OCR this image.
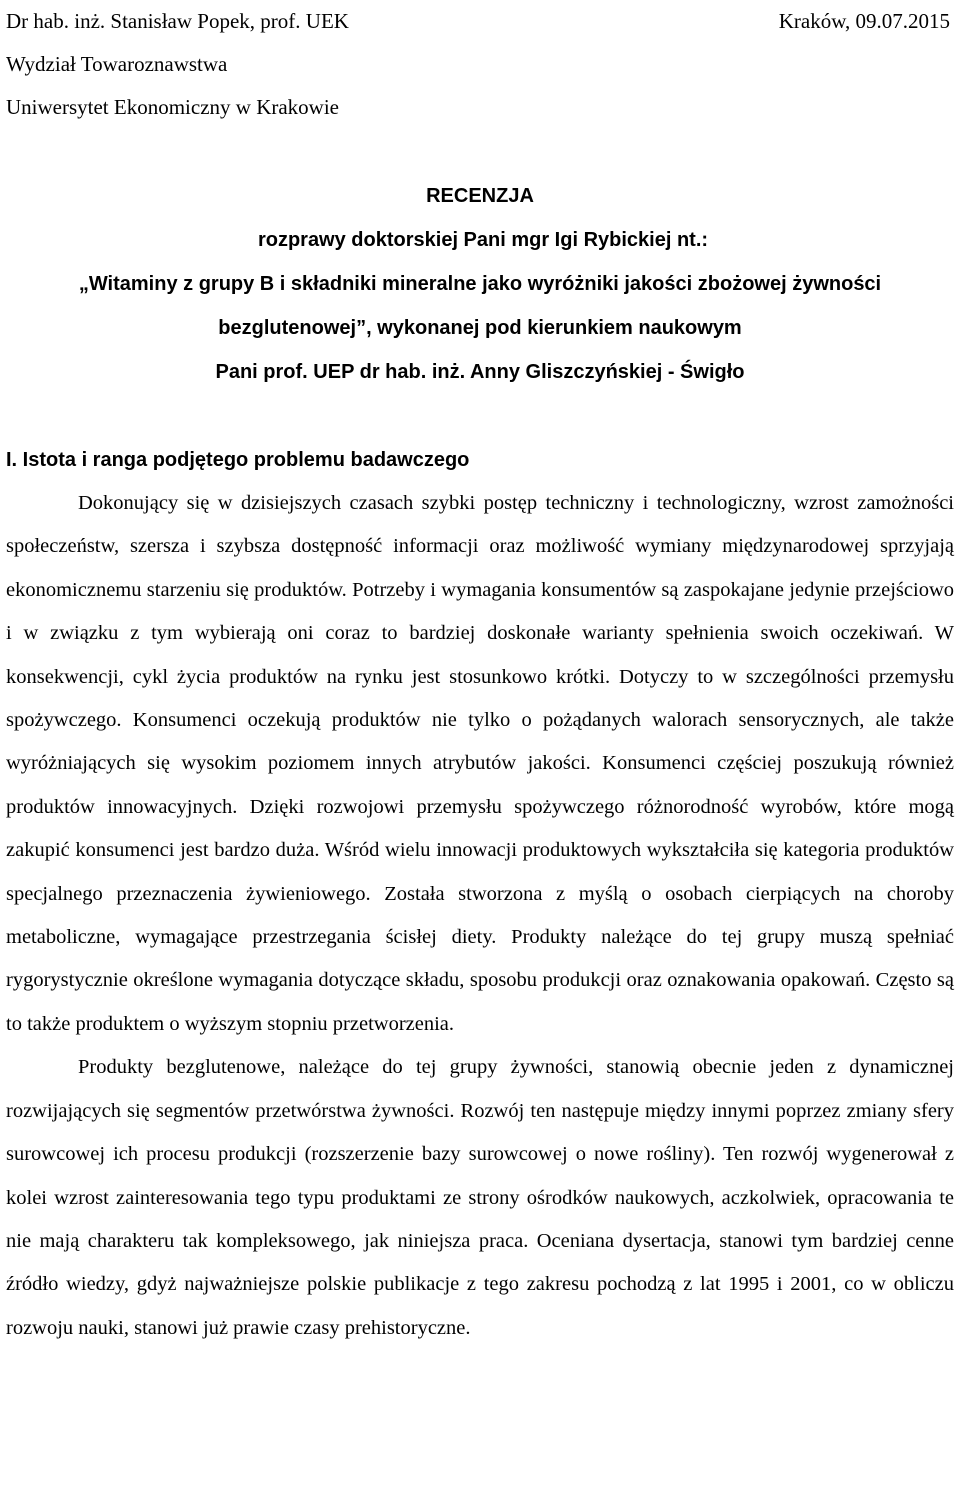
Dr hab. inż. Stanisław Popek, prof. UEK	Kraków, 09.07.2015
Wydział Towaroznawstwa
Uniwersytet Ekonomiczny w Krakowie
RECENZJA
rozprawy doktorskiej Pani mgr Igi Rybickiej nt.:
„Witaminy z grupy B i składniki mineralne jako wyróżniki jakości zbożowej żywności
bezglutenowej”, wykonanej pod kierunkiem naukowym
Pani prof. UEP dr hab. inż. Anny Gliszczyńskiej - Świgło
I. Istota i ranga podjętego problemu badawczego

Dokonujący się w dzisiejszych czasach szybki postęp techniczny i technologiczny, wzrost zamożności społeczeństw, szersza i szybsza dostępność informacji oraz możliwość wymiany międzynarodowej sprzyjają ekonomicznemu starzeniu się produktów. Potrzeby i wymagania konsumentów są zaspokajane jedynie przejściowo i w związku z tym wybierają oni coraz to bardziej doskonałe warianty spełnienia swoich oczekiwań. W konsekwencji, cykl życia produktów na rynku jest stosunkowo krótki. Dotyczy to w szczególności przemysłu spożywczego. Konsumenci oczekują produktów nie tylko o pożądanych walorach sensorycznych, ale także wyróżniających się wysokim poziomem innych atrybutów jakości. Konsumenci częściej poszukują również produktów innowacyjnych. Dzięki rozwojowi przemysłu spożywczego różnorodność wyrobów, które mogą zakupić konsumenci jest bardzo duża. Wśród wielu innowacji produktowych wykształciła się kategoria produktów specjalnego przeznaczenia żywieniowego. Została stworzona z myślą o osobach cierpiących na choroby metaboliczne, wymagające przestrzegania ścisłej diety. Produkty należące do tej grupy muszą spełniać rygorystycznie określone wymagania dotyczące składu, sposobu produkcji oraz oznakowania opakowań. Często są to także produktem o wyższym stopniu przetworzenia.

Produkty bezglutenowe, należące do tej grupy żywności, stanowią obecnie jeden z dynamicznej rozwijających się segmentów przetwórstwa żywności. Rozwój ten następuje między innymi poprzez zmiany sfery surowcowej ich procesu produkcji (rozszerzenie bazy surowcowej o nowe rośliny). Ten rozwój wygenerował z kolei wzrost zainteresowania tego typu produktami ze strony ośrodków naukowych, aczkolwiek, opracowania te nie mają charakteru tak kompleksowego, jak niniejsza praca. Oceniana dysertacja, stanowi tym bardziej cenne źródło wiedzy, gdyż najważniejsze polskie publikacje z tego zakresu pochodzą z lat 1995 i 2001, co w obliczu rozwoju nauki, stanowi już prawie czasy prehistoryczne.
